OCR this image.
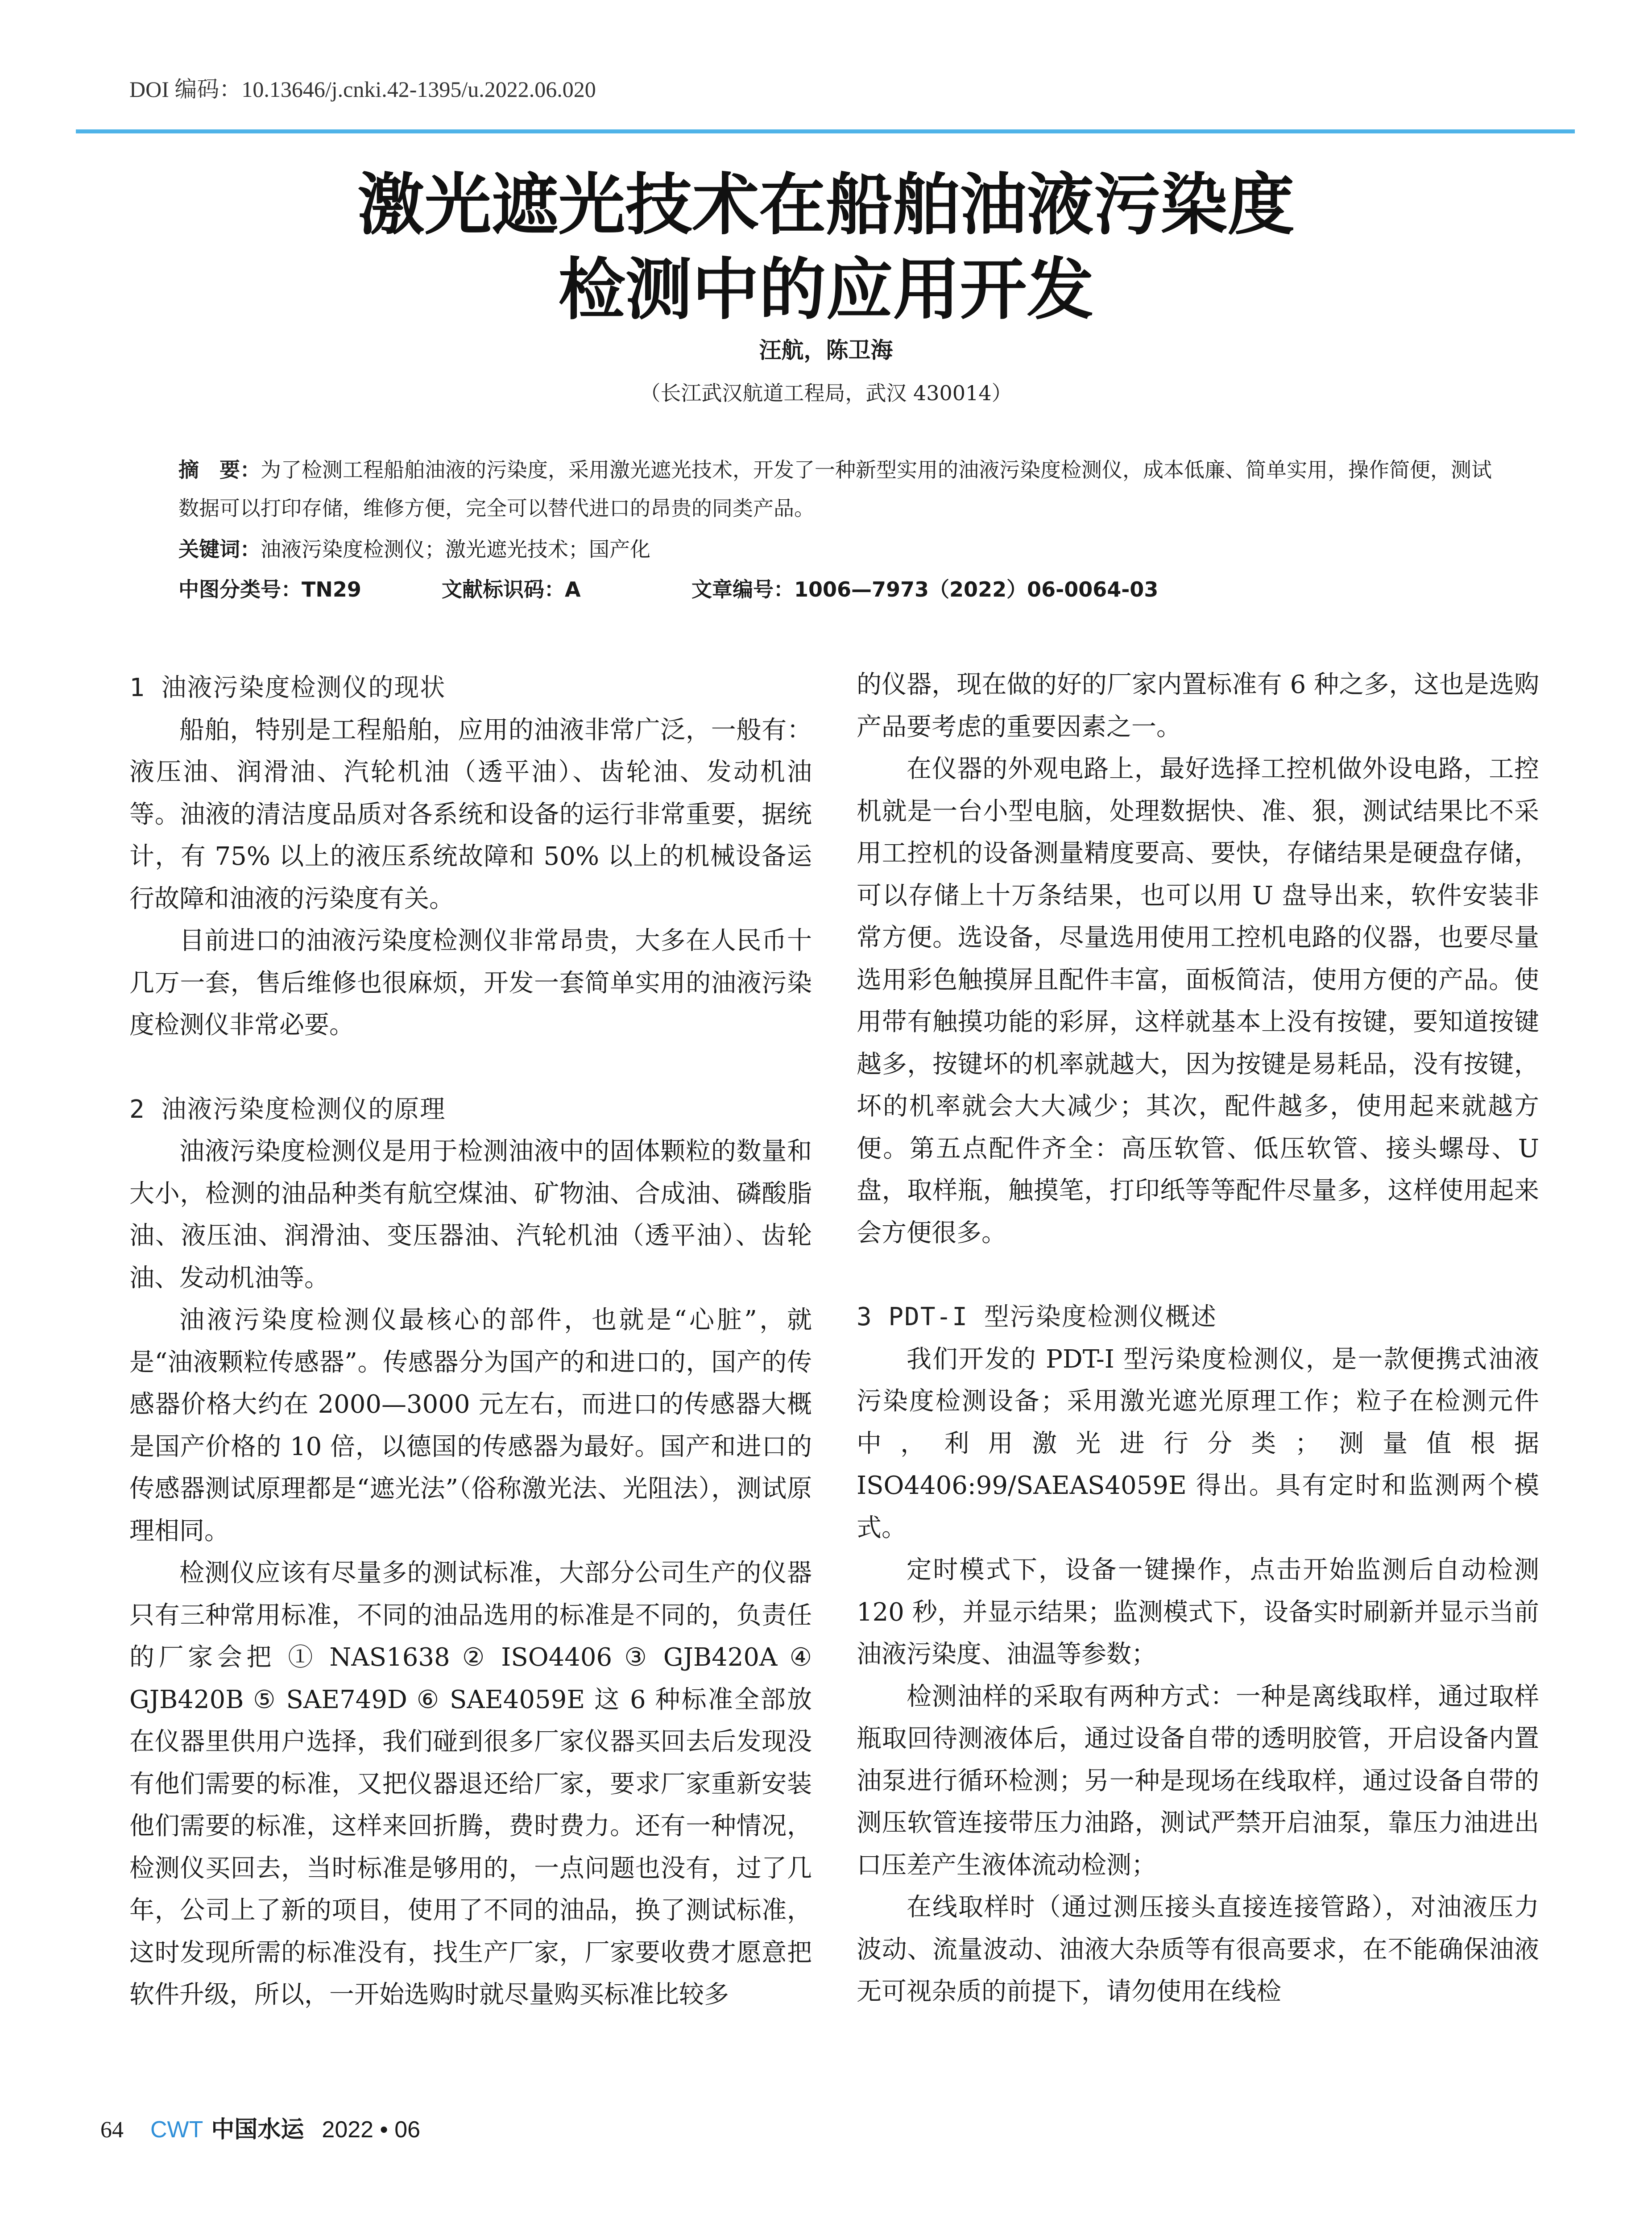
DOI 编码：10.13646/j.cnki.42-1395/u.2022.06.020
激光遮光技术在船舶油液污染度
检测中的应用开发
汪航，陈卫海
（长江武汉航道工程局，武汉 430014）
摘　要：为了检测工程船舶油液的污染度，采用激光遮光技术，开发了一种新型实用的油液污染度检测仪，成本低廉、简单实用，操作简便，测试数据可以打印存储，维修方便，完全可以替代进口的昂贵的同类产品。
关键词：油液污染度检测仪；激光遮光技术；国产化
中图分类号：TN29	文献标识码：A	文章编号：1006—7973（2022）06-0064-03
1 油液污染度检测仪的现状

船舶，特别是工程船舶，应用的油液非常广泛，一般有：液压油、润滑油、汽轮机油（透平油）、齿轮油、发动机油等。油液的清洁度品质对各系统和设备的运行非常重要，据统计，有 75% 以上的液压系统故障和 50% 以上的机械设备运行故障和油液的污染度有关。

目前进口的油液污染度检测仪非常昂贵，大多在人民币十几万一套，售后维修也很麻烦，开发一套简单实用的油液污染度检测仪非常必要。

2 油液污染度检测仪的原理

油液污染度检测仪是用于检测油液中的固体颗粒的数量和大小，检测的油品种类有航空煤油、矿物油、合成油、磷酸脂油、液压油、润滑油、变压器油、汽轮机油（透平油）、齿轮油、发动机油等。

油液污染度检测仪最核心的部件，也就是“心脏”，就是“油液颗粒传感器”。传感器分为国产的和进口的，国产的传感器价格大约在 2000—3000 元左右，而进口的传感器大概是国产价格的 10 倍，以德国的传感器为最好。国产和进口的传感器测试原理都是“遮光法”（俗称激光法、光阻法），测试原理相同。

检测仪应该有尽量多的测试标准，大部分公司生产的仪器只有三种常用标准，不同的油品选用的标准是不同的，负责任的厂家会把 ① NAS1638 ② ISO4406 ③ GJB420A ④ GJB420B ⑤ SAE749D ⑥ SAE4059E 这 6 种标准全部放在仪器里供用户选择，我们碰到很多厂家仪器买回去后发现没有他们需要的标准，又把仪器退还给厂家，要求厂家重新安装他们需要的标准，这样来回折腾，费时费力。还有一种情况，检测仪买回去，当时标准是够用的，一点问题也没有，过了几年，公司上了新的项目，使用了不同的油品，换了测试标准，这时发现所需的标准没有，找生产厂家，厂家要收费才愿意把软件升级，所以，一开始选购时就尽量购买标准比较多

的仪器，现在做的好的厂家内置标准有 6 种之多，这也是选购产品要考虑的重要因素之一。

在仪器的外观电路上，最好选择工控机做外设电路，工控机就是一台小型电脑，处理数据快、准、狠，测试结果比不采用工控机的设备测量精度要高、要快，存储结果是硬盘存储，可以存储上十万条结果，也可以用 U 盘导出来，软件安装非常方便。选设备，尽量选用使用工控机电路的仪器，也要尽量选用彩色触摸屏且配件丰富，面板简洁，使用方便的产品。使用带有触摸功能的彩屏，这样就基本上没有按键，要知道按键越多，按键坏的机率就越大，因为按键是易耗品，没有按键，坏的机率就会大大减少；其次，配件越多，使用起来就越方便。第五点配件齐全：高压软管、低压软管、接头螺母、U 盘，取样瓶，触摸笔，打印纸等等配件尽量多，这样使用起来会方便很多。

3 PDT-I 型污染度检测仪概述

我们开发的 PDT-I 型污染度检测仪，是一款便携式油液污染度检测设备；采用激光遮光原理工作；粒子在检测元件中，利用激光进行分类；测量值根据 ISO4406:99/SAEAS4059E 得出。具有定时和监测两个模式。

定时模式下，设备一键操作，点击开始监测后自动检测 120 秒，并显示结果；监测模式下，设备实时刷新并显示当前油液污染度、油温等参数；

检测油样的采取有两种方式：一种是离线取样，通过取样瓶取回待测液体后，通过设备自带的透明胶管，开启设备内置油泵进行循环检测；另一种是现场在线取样，通过设备自带的测压软管连接带压力油路，测试严禁开启油泵，靠压力油进出口压差产生液体流动检测；

在线取样时（通过测压接头直接连接管路），对油液压力波动、流量波动、油液大杂质等有很高要求，在不能确保油液无可视杂质的前提下，请勿使用在线检

64 CWT 中国水运 2022 • 06
